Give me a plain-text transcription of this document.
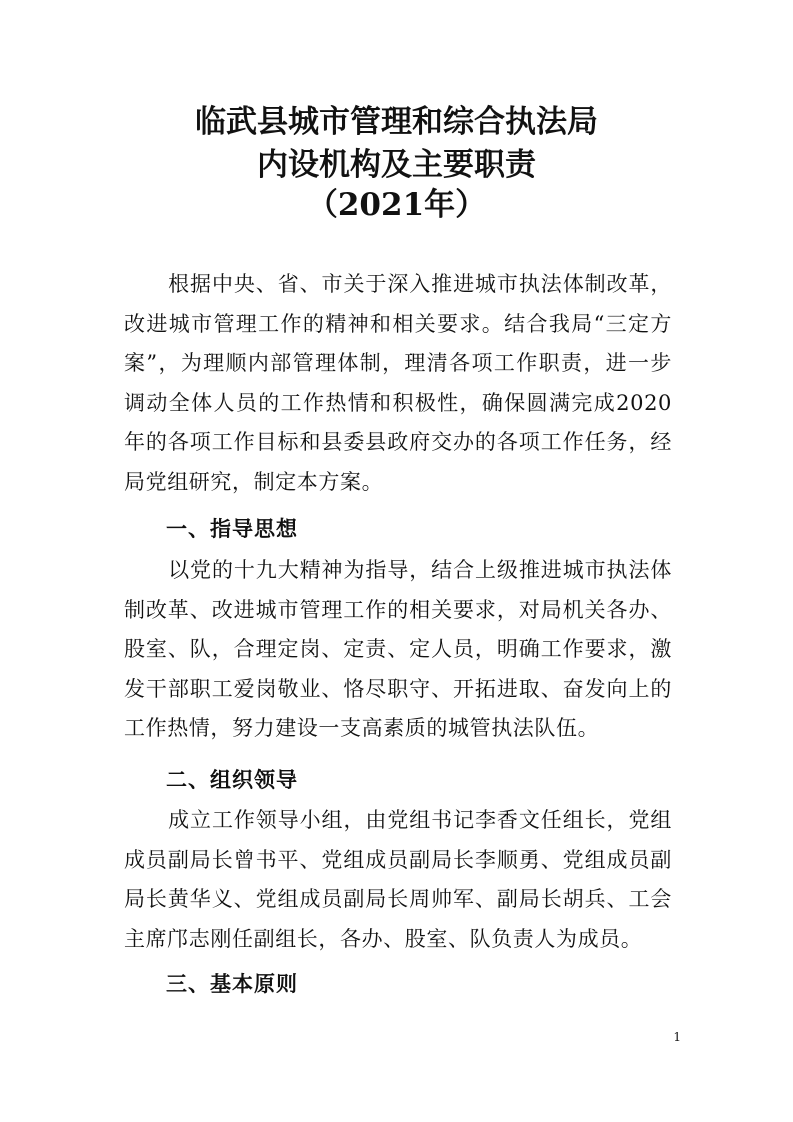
临武县城市管理和综合执法局
内设机构及主要职责
（2021年）

根据中央、省、市关于深入推进城市执法体制改革，改进城市管理工作的精神和相关要求。结合我局“三定方案”，为理顺内部管理体制，理清各项工作职责，进一步调动全体人员的工作热情和积极性，确保圆满完成2020年的各项工作目标和县委县政府交办的各项工作任务，经局党组研究，制定本方案。

一、指导思想

以党的十九大精神为指导，结合上级推进城市执法体制改革、改进城市管理工作的相关要求，对局机关各办、股室、队，合理定岗、定责、定人员，明确工作要求，激发干部职工爱岗敬业、恪尽职守、开拓进取、奋发向上的工作热情，努力建设一支高素质的城管执法队伍。

二、组织领导

成立工作领导小组，由党组书记李香文任组长，党组成员副局长曾书平、党组成员副局长李顺勇、党组成员副局长黄华义、党组成员副局长周帅军、副局长胡兵、工会主席邝志刚任副组长，各办、股室、队负责人为成员。

三、基本原则

1
